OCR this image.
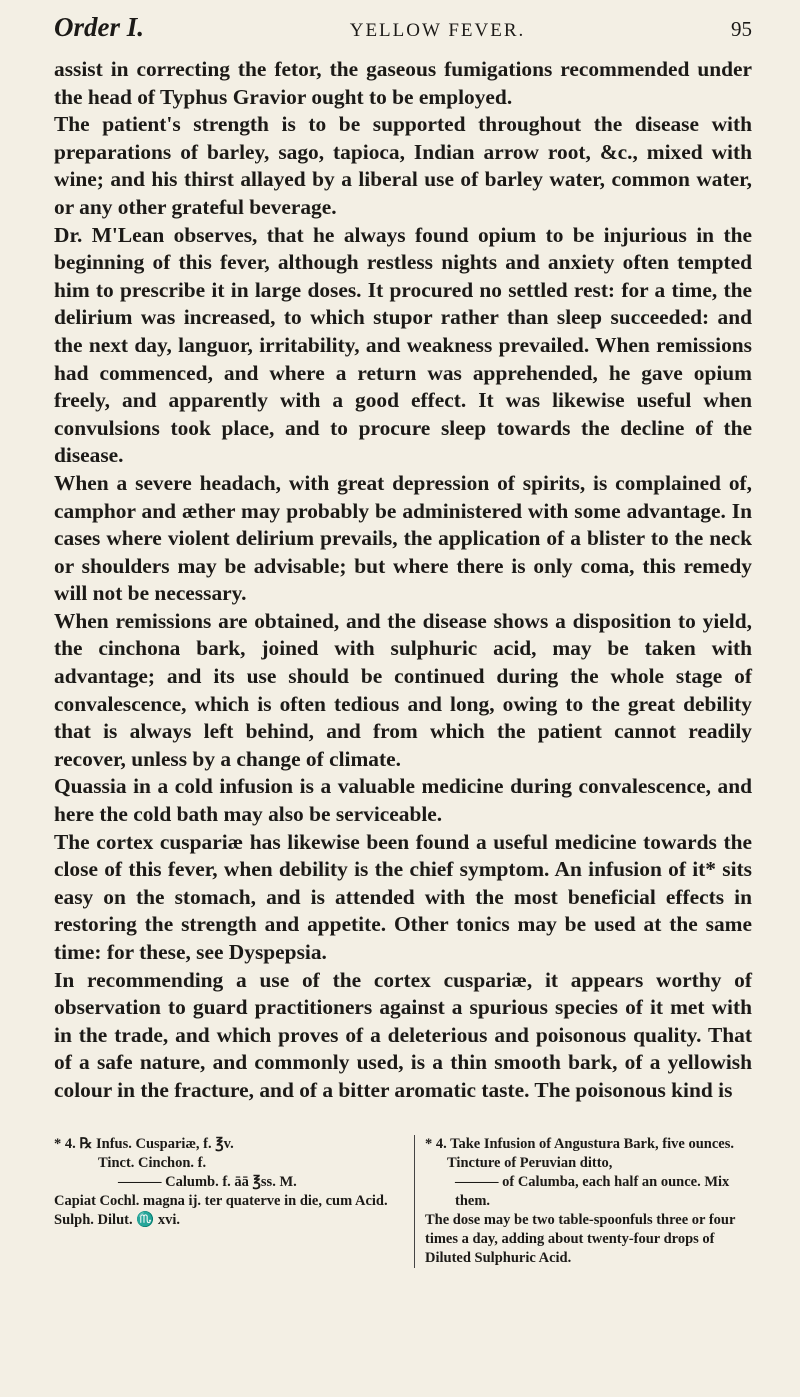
Order I.	YELLOW FEVER.	95

assist in correcting the fetor, the gaseous fumigations recommended under the head of Typhus Gravior ought to be employed.

The patient's strength is to be supported throughout the disease with preparations of barley, sago, tapioca, Indian arrow root, &c., mixed with wine; and his thirst allayed by a liberal use of barley water, common water, or any other grateful beverage.

Dr. M'Lean observes, that he always found opium to be injurious in the beginning of this fever, although restless nights and anxiety often tempted him to prescribe it in large doses. It procured no settled rest: for a time, the delirium was increased, to which stupor rather than sleep succeeded: and the next day, languor, irritability, and weakness prevailed. When remissions had commenced, and where a return was apprehended, he gave opium freely, and apparently with a good effect. It was likewise useful when convulsions took place, and to procure sleep towards the decline of the disease.

When a severe headach, with great depression of spirits, is complained of, camphor and æther may probably be administered with some advantage. In cases where violent delirium prevails, the application of a blister to the neck or shoulders may be advisable; but where there is only coma, this remedy will not be necessary.

When remissions are obtained, and the disease shows a disposition to yield, the cinchona bark, joined with sulphuric acid, may be taken with advantage; and its use should be continued during the whole stage of convalescence, which is often tedious and long, owing to the great debility that is always left behind, and from which the patient cannot readily recover, unless by a change of climate.

Quassia in a cold infusion is a valuable medicine during convalescence, and here the cold bath may also be serviceable.

The cortex cuspariæ has likewise been found a useful medicine towards the close of this fever, when debility is the chief symptom. An infusion of it* sits easy on the stomach, and is attended with the most beneficial effects in restoring the strength and appetite. Other tonics may be used at the same time: for these, see Dyspepsia.

In recommending a use of the cortex cuspariæ, it appears worthy of observation to guard practitioners against a spurious species of it met with in the trade, and which proves of a deleterious and poisonous quality. That of a safe nature, and commonly used, is a thin smooth bark, of a yellowish colour in the fracture, and of a bitter aromatic taste. The poisonous kind is

* 4. ℞ Infus. Cuspariæ, f. ℥v.

Tinct. Cinchon. f.

——— Calumb. f. āā ℥ss. M.

Capiat Cochl. magna ij. ter quaterve in die, cum Acid. Sulph. Dilut. ♏ xvi.

* 4. Take Infusion of Angustura Bark, five ounces.

Tincture of Peruvian ditto,

——— of Calumba, each half an ounce. Mix them.

The dose may be two table-spoonfuls three or four times a day, adding about twenty-four drops of Diluted Sulphuric Acid.
